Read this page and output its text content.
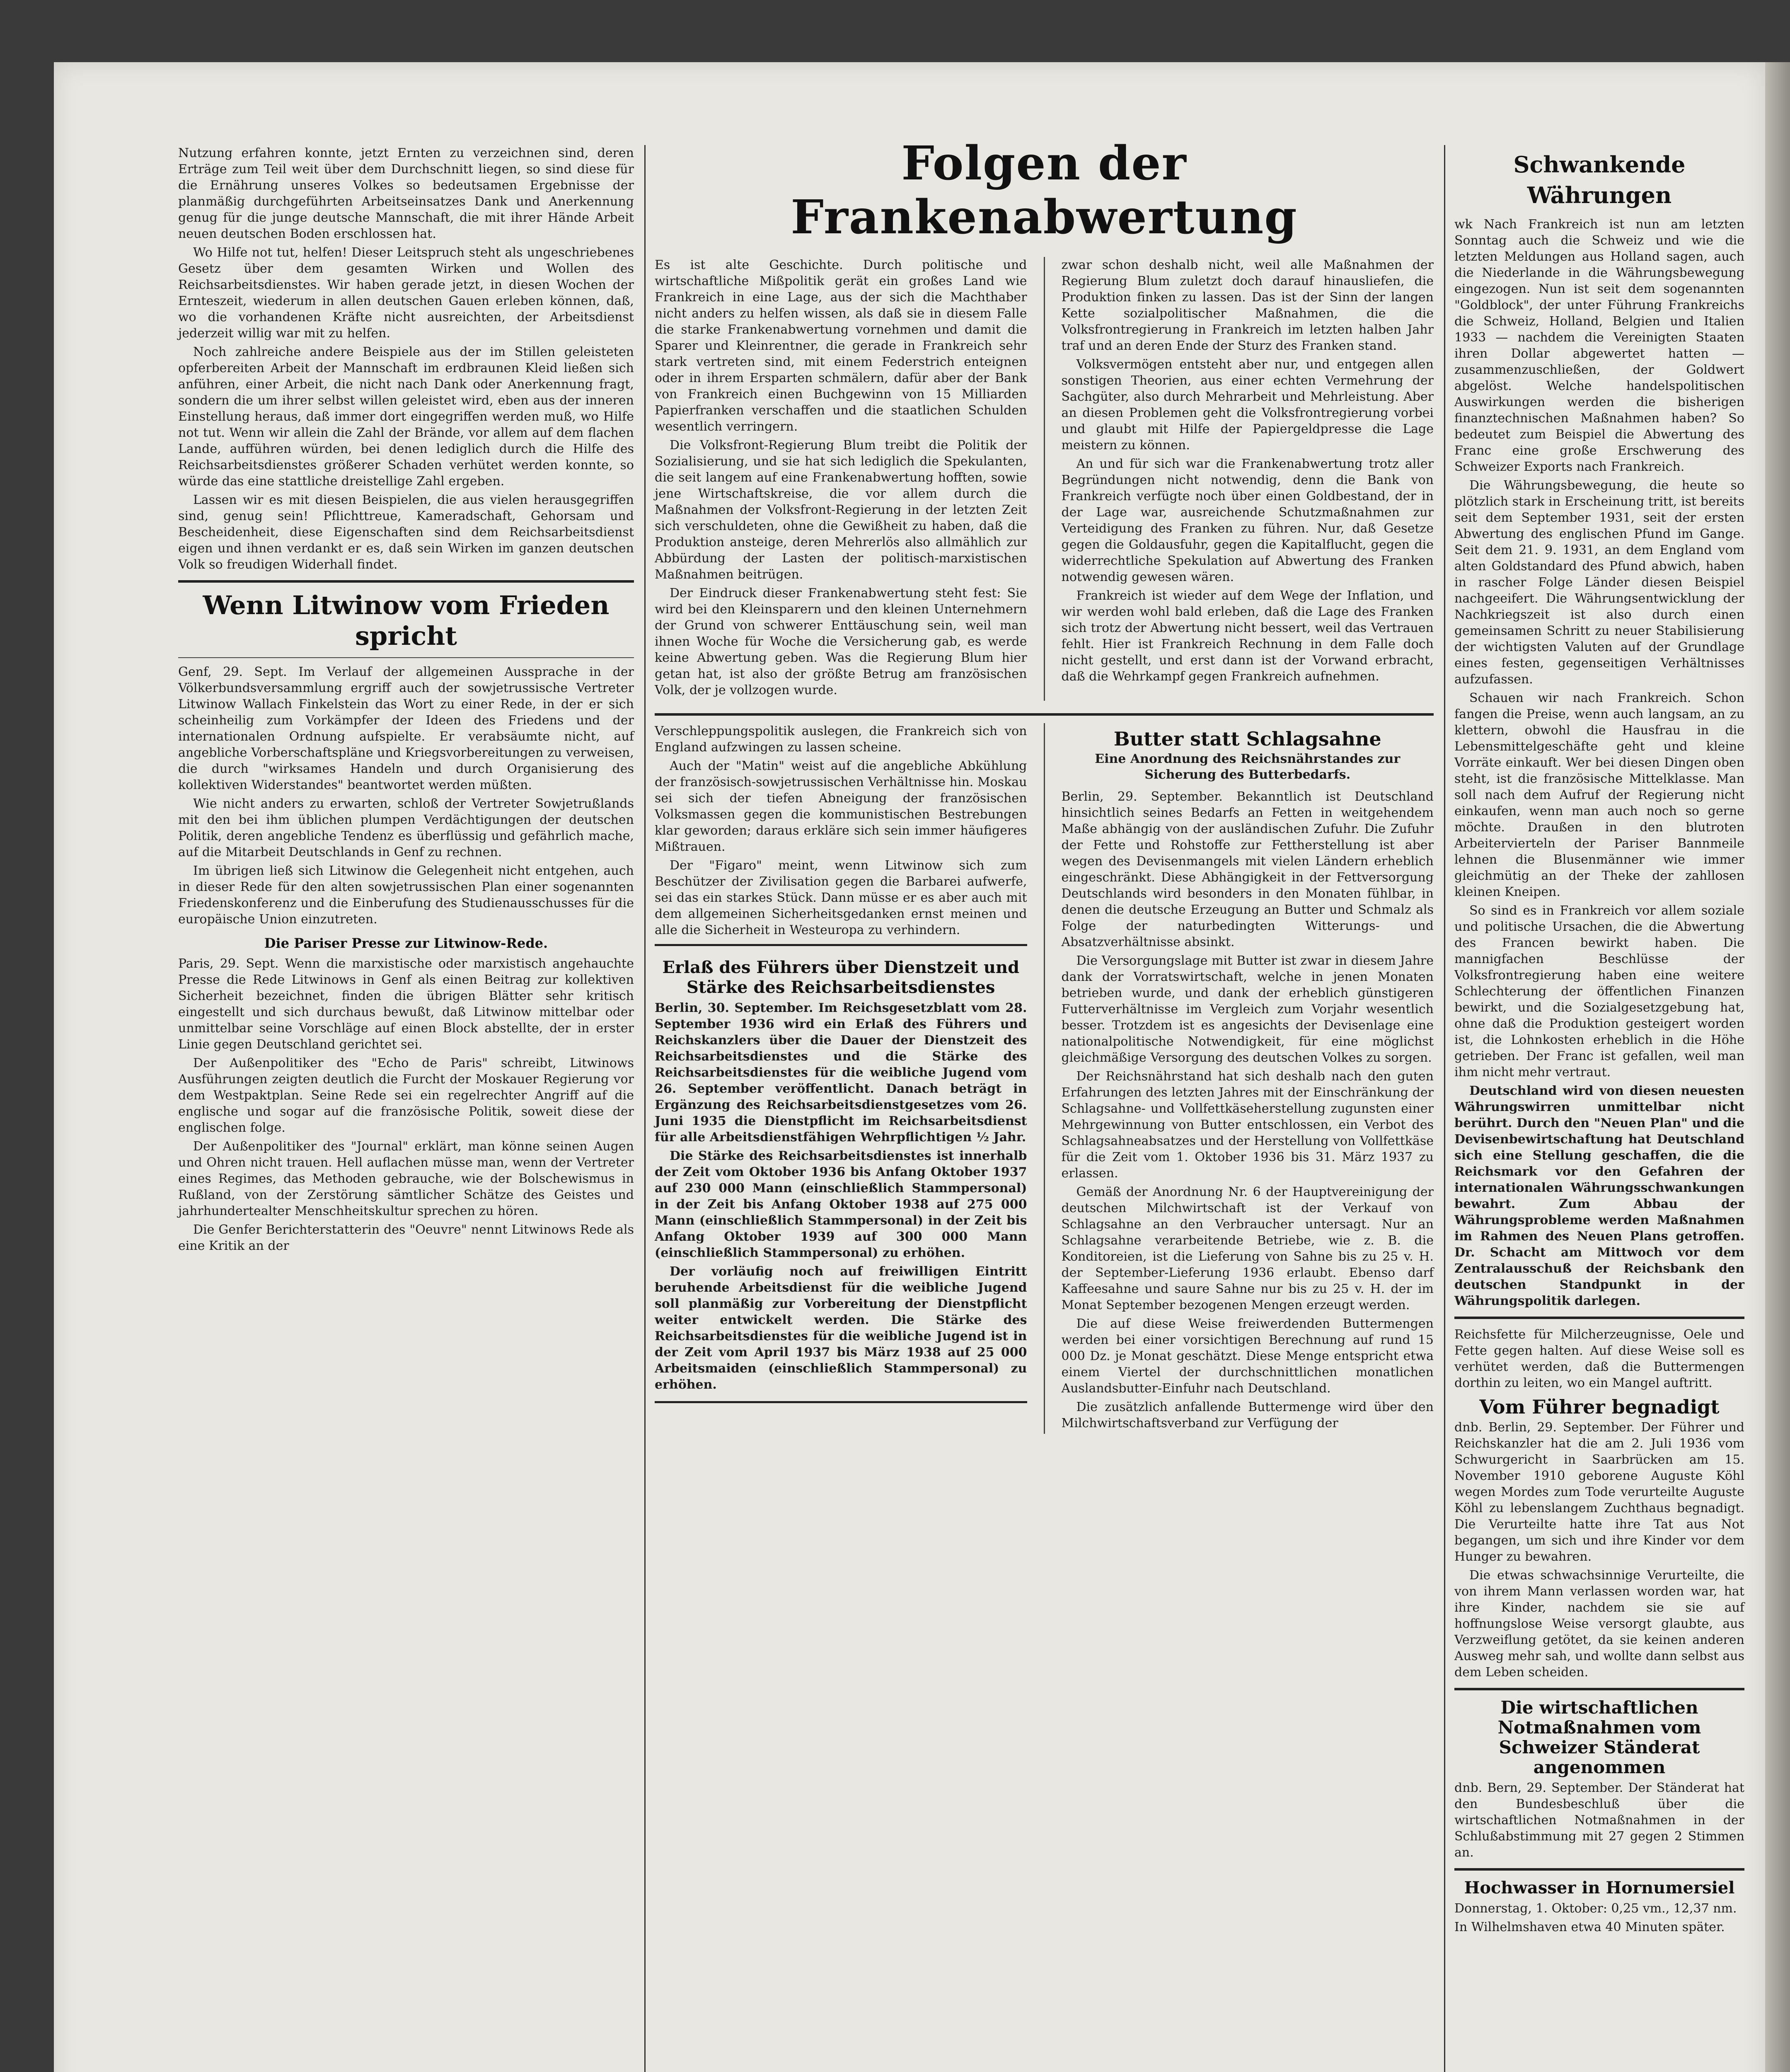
Nutzung erfahren konnte, jetzt Ernten zu verzeichnen sind, deren Erträge zum Teil weit über dem Durchschnitt liegen, so sind diese für die Ernährung unseres Volkes so bedeutsamen Ergebnisse der planmäßig durchgeführten Arbeitseinsatzes Dank und Anerkennung genug für die junge deutsche Mannschaft, die mit ihrer Hände Arbeit neuen deutschen Boden erschlossen hat.

Wo Hilfe not tut, helfen! Dieser Leitspruch steht als ungeschriebenes Gesetz über dem gesamten Wirken und Wollen des Reichsarbeitsdienstes. Wir haben gerade jetzt, in diesen Wochen der Ernteszeit, wiederum in allen deutschen Gauen erleben können, daß, wo die vorhandenen Kräfte nicht ausreichten, der Arbeitsdienst jederzeit willig war mit zu helfen.

Noch zahlreiche andere Beispiele aus der im Stillen geleisteten opferbereiten Arbeit der Mannschaft im erdbraunen Kleid ließen sich anführen, einer Arbeit, die nicht nach Dank oder Anerkennung fragt, sondern die um ihrer selbst willen geleistet wird, eben aus der inneren Einstellung heraus, daß immer dort eingegriffen werden muß, wo Hilfe not tut. Wenn wir allein die Zahl der Brände, vor allem auf dem flachen Lande, aufführen würden, bei denen lediglich durch die Hilfe des Reichsarbeitsdienstes größerer Schaden verhütet werden konnte, so würde das eine stattliche dreistellige Zahl ergeben.

Lassen wir es mit diesen Beispielen, die aus vielen herausgegriffen sind, genug sein! Pflichttreue, Kameradschaft, Gehorsam und Bescheidenheit, diese Eigenschaften sind dem Reichsarbeitsdienst eigen und ihnen verdankt er es, daß sein Wirken im ganzen deutschen Volk so freudigen Widerhall findet.

Wenn Litwinow vom Frieden spricht

Genf, 29. Sept. Im Verlauf der allgemeinen Aussprache in der Völkerbundsversammlung ergriff auch der sowjetrussische Vertreter Litwinow Wallach Finkelstein das Wort zu einer Rede, in der er sich scheinheilig zum Vorkämpfer der Ideen des Friedens und der internationalen Ordnung aufspielte. Er verabsäumte nicht, auf angebliche Vorberschaftspläne und Kriegsvorbereitungen zu verweisen, die durch "wirksames Handeln und durch Organisierung des kollektiven Widerstandes" beantwortet werden müßten.

Wie nicht anders zu erwarten, schloß der Vertreter Sowjetrußlands mit den bei ihm üblichen plumpen Verdächtigungen der deutschen Politik, deren angebliche Tendenz es überflüssig und gefährlich mache, auf die Mitarbeit Deutschlands in Genf zu rechnen.

Im übrigen ließ sich Litwinow die Gelegenheit nicht entgehen, auch in dieser Rede für den alten sowjetrussischen Plan einer sogenannten Friedenskonferenz und die Einberufung des Studienausschusses für die europäische Union einzutreten.

Die Pariser Presse zur Litwinow-Rede.

Paris, 29. Sept. Wenn die marxistische oder marxistisch angehauchte Presse die Rede Litwinows in Genf als einen Beitrag zur kollektiven Sicherheit bezeichnet, finden die übrigen Blätter sehr kritisch eingestellt und sich durchaus bewußt, daß Litwinow mittelbar oder unmittelbar seine Vorschläge auf einen Block abstellte, der in erster Linie gegen Deutschland gerichtet sei.

Der Außenpolitiker des "Echo de Paris" schreibt, Litwinows Ausführungen zeigten deutlich die Furcht der Moskauer Regierung vor dem Westpaktplan. Seine Rede sei ein regelrechter Angriff auf die englische und sogar auf die französische Politik, soweit diese der englischen folge.

Der Außenpolitiker des "Journal" erklärt, man könne seinen Augen und Ohren nicht trauen. Hell auflachen müsse man, wenn der Vertreter eines Regimes, das Methoden gebrauche, wie der Bolschewismus in Rußland, von der Zerstörung sämtlicher Schätze des Geistes und jahrhundertealter Menschheitskultur sprechen zu hören.

Die Genfer Berichterstatterin des "Oeuvre" nennt Litwinows Rede als eine Kritik an der

Folgen der Frankenabwertung

Es ist alte Geschichte. Durch politische und wirtschaftliche Mißpolitik gerät ein großes Land wie Frankreich in eine Lage, aus der sich die Machthaber nicht anders zu helfen wissen, als daß sie in diesem Falle die starke Frankenabwertung vornehmen und damit die Sparer und Kleinrentner, die gerade in Frankreich sehr stark vertreten sind, mit einem Federstrich enteignen oder in ihrem Ersparten schmälern, dafür aber der Bank von Frankreich einen Buchgewinn von 15 Milliarden Papierfranken verschaffen und die staatlichen Schulden wesentlich verringern.

Die Volksfront-Regierung Blum treibt die Politik der Sozialisierung, und sie hat sich lediglich die Spekulanten, die seit langem auf eine Frankenabwertung hofften, sowie jene Wirtschaftskreise, die vor allem durch die Maßnahmen der Volksfront-Regierung in der letzten Zeit sich verschuldeten, ohne die Gewißheit zu haben, daß die Produktion ansteige, deren Mehrerlös also allmählich zur Abbürdung der Lasten der politisch-marxistischen Maßnahmen beitrügen.

Der Eindruck dieser Frankenabwertung steht fest: Sie wird bei den Kleinsparern und den kleinen Unternehmern der Grund von schwerer Enttäuschung sein, weil man ihnen Woche für Woche die Versicherung gab, es werde keine Abwertung geben. Was die Regierung Blum hier getan hat, ist also der größte Betrug am französischen Volk, der je vollzogen wurde.

zwar schon deshalb nicht, weil alle Maßnahmen der Regierung Blum zuletzt doch darauf hinausliefen, die Produktion finken zu lassen. Das ist der Sinn der langen Kette sozialpolitischer Maßnahmen, die die Volksfrontregierung in Frankreich im letzten halben Jahr traf und an deren Ende der Sturz des Franken stand.

Volksvermögen entsteht aber nur, und entgegen allen sonstigen Theorien, aus einer echten Vermehrung der Sachgüter, also durch Mehrarbeit und Mehrleistung. Aber an diesen Problemen geht die Volksfrontregierung vorbei und glaubt mit Hilfe der Papiergeldpresse die Lage meistern zu können.

An und für sich war die Frankenabwertung trotz aller Begründungen nicht notwendig, denn die Bank von Frankreich verfügte noch über einen Goldbestand, der in der Lage war, ausreichende Schutzmaßnahmen zur Verteidigung des Franken zu führen. Nur, daß Gesetze gegen die Goldausfuhr, gegen die Kapitalflucht, gegen die widerrechtliche Spekulation auf Abwertung des Franken notwendig gewesen wären.

Frankreich ist wieder auf dem Wege der Inflation, und wir werden wohl bald erleben, daß die Lage des Franken sich trotz der Abwertung nicht bessert, weil das Vertrauen fehlt. Hier ist Frankreich Rechnung in dem Falle doch nicht gestellt, und erst dann ist der Vorwand erbracht, daß die Wehrkampf gegen Frankreich aufnehmen.

Verschleppungspolitik auslegen, die Frankreich sich von England aufzwingen zu lassen scheine.

Auch der "Matin" weist auf die angebliche Abkühlung der französisch-sowjetrussischen Verhältnisse hin. Moskau sei sich der tiefen Abneigung der französischen Volksmassen gegen die kommunistischen Bestrebungen klar geworden; daraus erkläre sich sein immer häufigeres Mißtrauen.

Der "Figaro" meint, wenn Litwinow sich zum Beschützer der Zivilisation gegen die Barbarei aufwerfe, sei das ein starkes Stück. Dann müsse er es aber auch mit dem allgemeinen Sicherheitsgedanken ernst meinen und alle die Sicherheit in Westeuropa zu verhindern.

Erlaß des Führers über Dienstzeit und Stärke des Reichsarbeitsdienstes

Berlin, 30. September. Im Reichsgesetzblatt vom 28. September 1936 wird ein Erlaß des Führers und Reichskanzlers über die Dauer der Dienstzeit des Reichsarbeitsdienstes und die Stärke des Reichsarbeitsdienstes für die weibliche Jugend vom 26. September veröffentlicht. Danach beträgt in Ergänzung des Reichsarbeitsdienstgesetzes vom 26. Juni 1935 die Dienstpflicht im Reichsarbeitsdienst für alle Arbeitsdienstfähigen Wehrpflichtigen ½ Jahr.

Die Stärke des Reichsarbeitsdienstes ist innerhalb der Zeit vom Oktober 1936 bis Anfang Oktober 1937 auf 230 000 Mann (einschließlich Stammpersonal) in der Zeit bis Anfang Oktober 1938 auf 275 000 Mann (einschließlich Stammpersonal) in der Zeit bis Anfang Oktober 1939 auf 300 000 Mann (einschließlich Stammpersonal) zu erhöhen.

Der vorläufig noch auf freiwilligen Eintritt beruhende Arbeitsdienst für die weibliche Jugend soll planmäßig zur Vorbereitung der Dienstpflicht weiter entwickelt werden. Die Stärke des Reichsarbeitsdienstes für die weibliche Jugend ist in der Zeit vom April 1937 bis März 1938 auf 25 000 Arbeitsmaiden (einschließlich Stammpersonal) zu erhöhen.

Butter statt Schlagsahne
Eine Anordnung des Reichsnährstandes zur Sicherung des Butterbedarfs.

Berlin, 29. September. Bekanntlich ist Deutschland hinsichtlich seines Bedarfs an Fetten in weitgehendem Maße abhängig von der ausländischen Zufuhr. Die Zufuhr der Fette und Rohstoffe zur Fettherstellung ist aber wegen des Devisenmangels mit vielen Ländern erheblich eingeschränkt. Diese Abhängigkeit in der Fettversorgung Deutschlands wird besonders in den Monaten fühlbar, in denen die deutsche Erzeugung an Butter und Schmalz als Folge der naturbedingten Witterungs- und Absatzverhältnisse absinkt.

Die Versorgungslage mit Butter ist zwar in diesem Jahre dank der Vorratswirtschaft, welche in jenen Monaten betrieben wurde, und dank der erheblich günstigeren Futterverhältnisse im Vergleich zum Vorjahr wesentlich besser. Trotzdem ist es angesichts der Devisenlage eine nationalpolitische Notwendigkeit, für eine möglichst gleichmäßige Versorgung des deutschen Volkes zu sorgen.

Der Reichsnährstand hat sich deshalb nach den guten Erfahrungen des letzten Jahres mit der Einschränkung der Schlagsahne- und Vollfettkäseherstellung zugunsten einer Mehrgewinnung von Butter entschlossen, ein Verbot des Schlagsahneabsatzes und der Herstellung von Vollfettkäse für die Zeit vom 1. Oktober 1936 bis 31. März 1937 zu erlassen.

Gemäß der Anordnung Nr. 6 der Hauptvereinigung der deutschen Milchwirtschaft ist der Verkauf von Schlagsahne an den Verbraucher untersagt. Nur an Schlagsahne verarbeitende Betriebe, wie z. B. die Konditoreien, ist die Lieferung von Sahne bis zu 25 v. H. der September-Lieferung 1936 erlaubt. Ebenso darf Kaffeesahne und saure Sahne nur bis zu 25 v. H. der im Monat September bezogenen Mengen erzeugt werden.

Die auf diese Weise freiwerdenden Buttermengen werden bei einer vorsichtigen Berechnung auf rund 15 000 Dz. je Monat geschätzt. Diese Menge entspricht etwa einem Viertel der durchschnittlichen monatlichen Auslandsbutter-Einfuhr nach Deutschland.

Die zusätzlich anfallende Buttermenge wird über den Milchwirtschaftsverband zur Verfügung der

Schwankende Währungen

wk Nach Frankreich ist nun am letzten Sonntag auch die Schweiz und wie die letzten Meldungen aus Holland sagen, auch die Niederlande in die Währungsbewegung eingezogen. Nun ist seit dem sogenannten "Goldblock", der unter Führung Frankreichs die Schweiz, Holland, Belgien und Italien 1933 — nachdem die Vereinigten Staaten ihren Dollar abgewertet hatten — zusammenzuschließen, der Goldwert abgelöst. Welche handelspolitischen Auswirkungen werden die bisherigen finanztechnischen Maßnahmen haben? So bedeutet zum Beispiel die Abwertung des Franc eine große Erschwerung des Schweizer Exports nach Frankreich.

Die Währungsbewegung, die heute so plötzlich stark in Erscheinung tritt, ist bereits seit dem September 1931, seit der ersten Abwertung des englischen Pfund im Gange. Seit dem 21. 9. 1931, an dem England vom alten Goldstandard des Pfund abwich, haben in rascher Folge Länder diesen Beispiel nachgeeifert. Die Währungsentwicklung der Nachkriegszeit ist also durch einen gemeinsamen Schritt zu neuer Stabilisierung der wichtigsten Valuten auf der Grundlage eines festen, gegenseitigen Verhältnisses aufzufassen.

Schauen wir nach Frankreich. Schon fangen die Preise, wenn auch langsam, an zu klettern, obwohl die Hausfrau in die Lebensmittelgeschäfte geht und kleine Vorräte einkauft. Wer bei diesen Dingen oben steht, ist die französische Mittelklasse. Man soll nach dem Aufruf der Regierung nicht einkaufen, wenn man auch noch so gerne möchte. Draußen in den blutroten Arbeitervierteln der Pariser Bannmeile lehnen die Blusenmänner wie immer gleichmütig an der Theke der zahllosen kleinen Kneipen.

So sind es in Frankreich vor allem soziale und politische Ursachen, die die Abwertung des Francen bewirkt haben. Die mannigfachen Beschlüsse der Volksfrontregierung haben eine weitere Schlechterung der öffentlichen Finanzen bewirkt, und die Sozialgesetzgebung hat, ohne daß die Produktion gesteigert worden ist, die Lohnkosten erheblich in die Höhe getrieben. Der Franc ist gefallen, weil man ihm nicht mehr vertraut.

Deutschland wird von diesen neuesten Währungswirren unmittelbar nicht berührt. Durch den "Neuen Plan" und die Devisenbewirtschaftung hat Deutschland sich eine Stellung geschaffen, die die Reichsmark vor den Gefahren der internationalen Währungsschwankungen bewahrt. Zum Abbau der Währungsprobleme werden Maßnahmen im Rahmen des Neuen Plans getroffen. Dr. Schacht am Mittwoch vor dem Zentralausschuß der Reichsbank den deutschen Standpunkt in der Währungspolitik darlegen.

Reichsfette für Milcherzeugnisse, Oele und Fette gegen halten. Auf diese Weise soll es verhütet werden, daß die Buttermengen dorthin zu leiten, wo ein Mangel auftritt.

Vom Führer begnadigt

dnb. Berlin, 29. September. Der Führer und Reichskanzler hat die am 2. Juli 1936 vom Schwurgericht in Saarbrücken am 15. November 1910 geborene Auguste Köhl wegen Mordes zum Tode verurteilte Auguste Köhl zu lebenslangem Zuchthaus begnadigt. Die Verurteilte hatte ihre Tat aus Not begangen, um sich und ihre Kinder vor dem Hunger zu bewahren.

Die etwas schwachsinnige Verurteilte, die von ihrem Mann verlassen worden war, hat ihre Kinder, nachdem sie sie auf hoffnungslose Weise versorgt glaubte, aus Verzweiflung getötet, da sie keinen anderen Ausweg mehr sah, und wollte dann selbst aus dem Leben scheiden.

Die wirtschaftlichen Notmaßnahmen vom Schweizer Ständerat angenommen

dnb. Bern, 29. September. Der Ständerat hat den Bundesbeschluß über die wirtschaftlichen Notmaßnahmen in der Schlußabstimmung mit 27 gegen 2 Stimmen an.

Hochwasser in Hornumersiel

Donnerstag, 1. Oktober: 0,25 vm., 12,37 nm.

In Wilhelmshaven etwa 40 Minuten später.
